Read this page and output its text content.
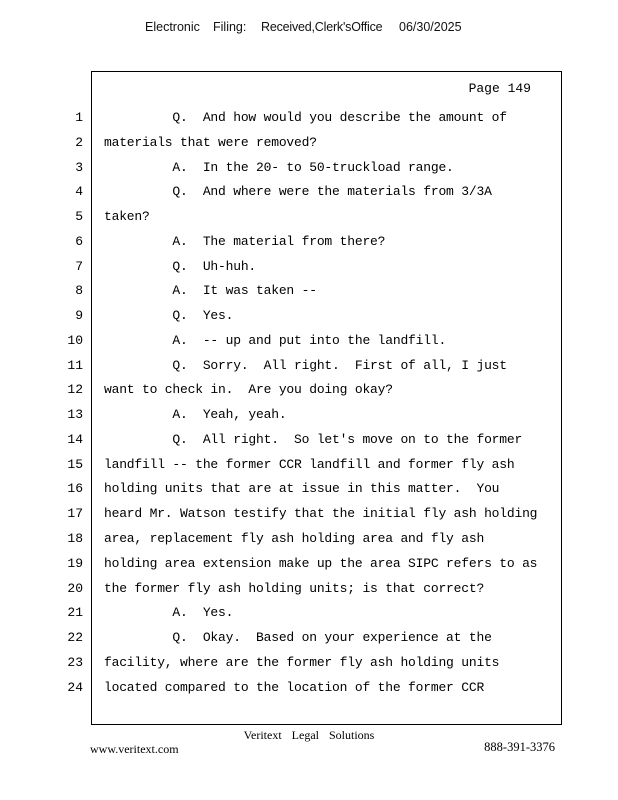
Electronic Filing: Received,Clerk'sOffice 06/30/2025
Page 149
1
2
3
4
5
6
7
8
9
10
11
12
13
14
15
16
17
18
19
20
21
22
23
24
Q.  And how would you describe the amount of
materials that were removed?
A.  In the 20- to 50-truckload range.
Q.  And where were the materials from 3/3A
taken?
A.  The material from there?
Q.  Uh-huh.
A.  It was taken --
Q.  Yes.
A.  -- up and put into the landfill.
Q.  Sorry.  All right.  First of all, I just
want to check in.  Are you doing okay?
A.  Yeah, yeah.
Q.  All right.  So let's move on to the former
landfill -- the former CCR landfill and former fly ash
holding units that are at issue in this matter.  You
heard Mr. Watson testify that the initial fly ash holding
area, replacement fly ash holding area and fly ash
holding area extension make up the area SIPC refers to as
the former fly ash holding units; is that correct?
A.  Yes.
Q.  Okay.  Based on your experience at the
facility, where are the former fly ash holding units
located compared to the location of the former CCR
Veritext Legal Solutions
www.veritext.com	888-391-3376
